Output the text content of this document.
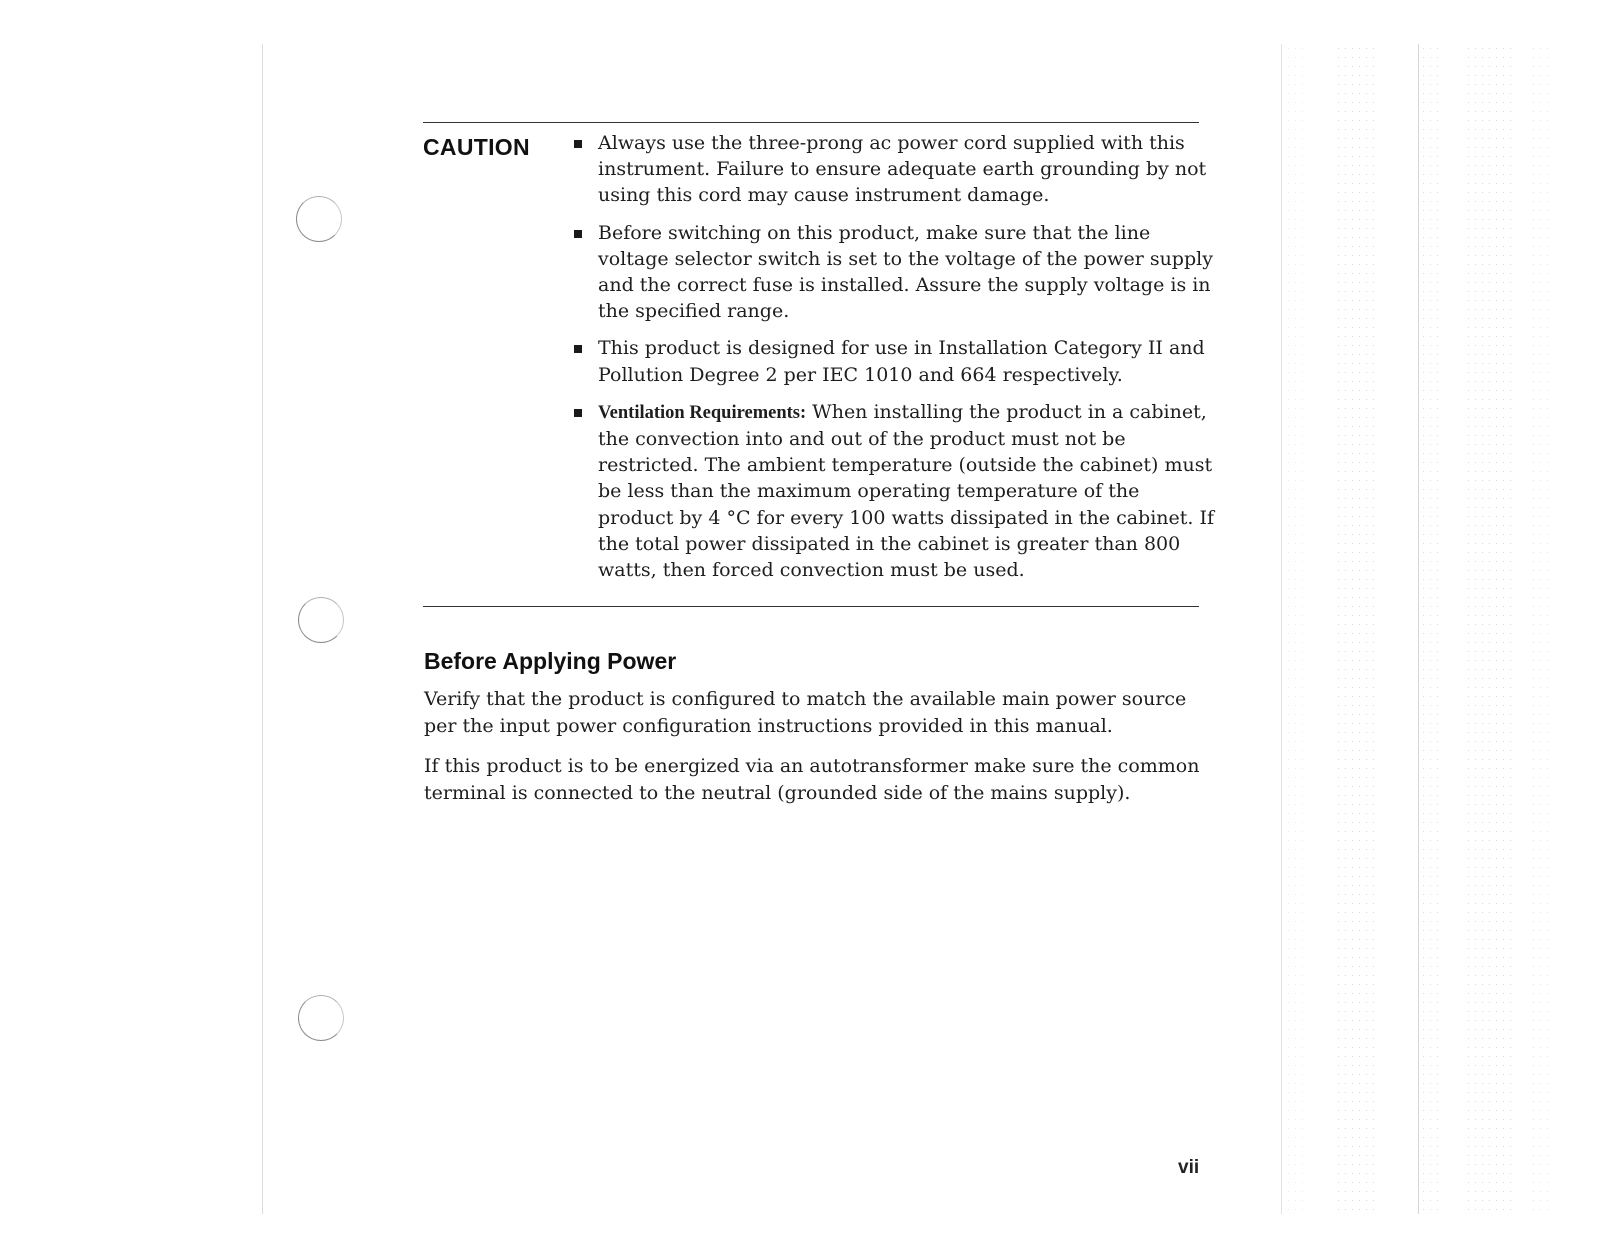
CAUTION	Always use the three-prong ac power cord supplied with this instrument. Failure to ensure adequate earth grounding by not using this cord may cause instrument damage.
Before switching on this product, make sure that the line voltage selector switch is set to the voltage of the power supply and the correct fuse is installed. Assure the supply voltage is in the specified range.
This product is designed for use in Installation Category II and Pollution Degree 2 per IEC 1010 and 664 respectively.
Ventilation Requirements: When installing the product in a cabinet, the convection into and out of the product must not be restricted. The ambient temperature (outside the cabinet) must be less than the maximum operating temperature of the product by 4 °C for every 100 watts dissipated in the cabinet. If the total power dissipated in the cabinet is greater than 800 watts, then forced convection must be used.
Before Applying Power

Verify that the product is configured to match the available main power source per the input power configuration instructions provided in this manual.

If this product is to be energized via an autotransformer make sure the common terminal is connected to the neutral (grounded side of the mains supply).

vii
